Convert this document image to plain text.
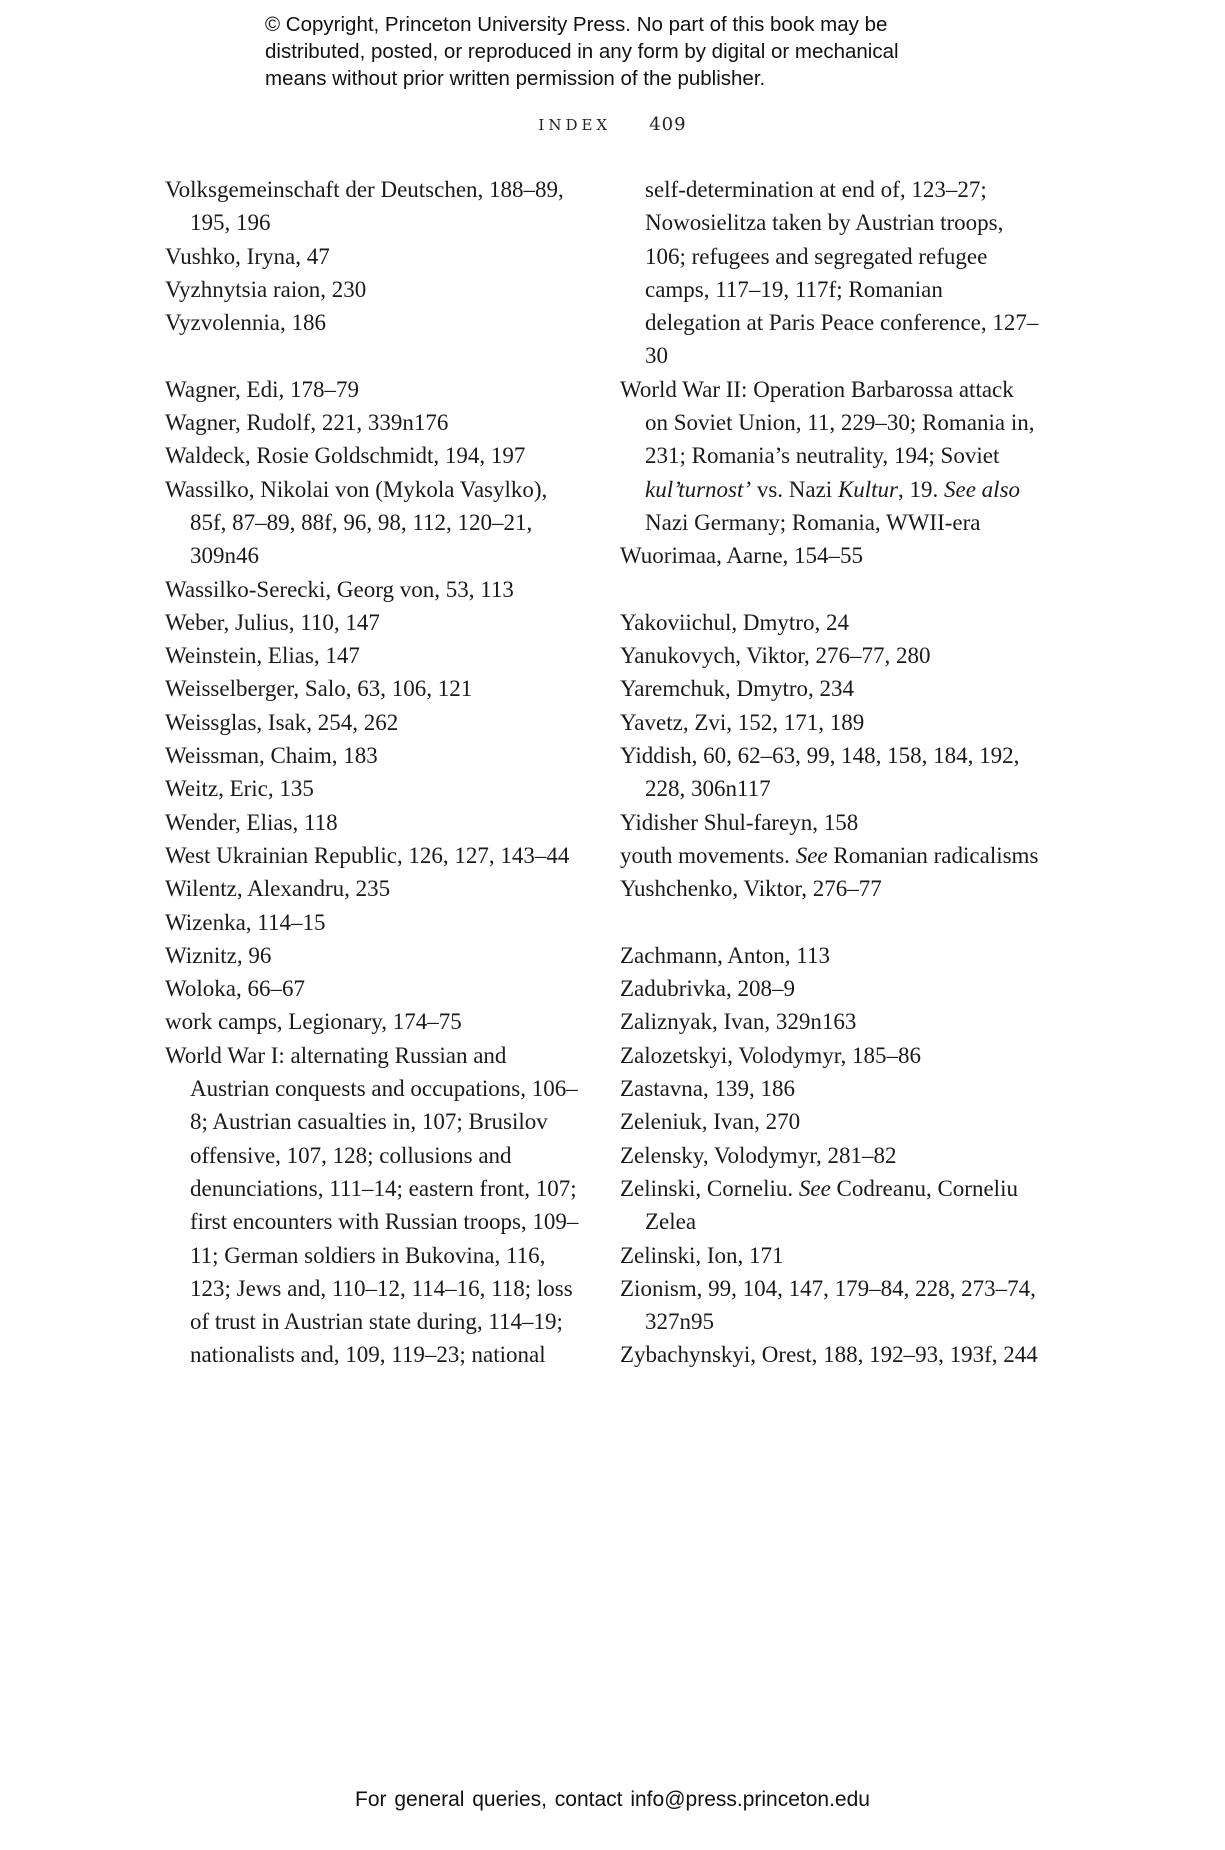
© Copyright, Princeton University Press. No part of this book may be
distributed, posted, or reproduced in any form by digital or mechanical
means without prior written permission of the publisher.
INDEX 409

Volksgemeinschaft der Deutschen, 188–89, 195, 196

Vushko, Iryna, 47

Vyzhnytsia raion, 230

Vyzvolennia, 186

Wagner, Edi, 178–79

Wagner, Rudolf, 221, 339n176

Waldeck, Rosie Goldschmidt, 194, 197

Wassilko, Nikolai von (Mykola Vasylko), 85f, 87–89, 88f, 96, 98, 112, 120–21, 309n46

Wassilko-Serecki, Georg von, 53, 113

Weber, Julius, 110, 147

Weinstein, Elias, 147

Weisselberger, Salo, 63, 106, 121

Weissglas, Isak, 254, 262

Weissman, Chaim, 183

Weitz, Eric, 135

Wender, Elias, 118

West Ukrainian Republic, 126, 127, 143–44

Wilentz, Alexandru, 235

Wizenka, 114–15

Wiznitz, 96

Woloka, 66–67

work camps, Legionary, 174–75

World War I: alternating Russian and Austrian conquests and occupations, 106–8; Austrian casualties in, 107; Brusilov offensive, 107, 128; collusions and denunciations, 111–14; eastern front, 107; first encounters with Russian troops, 109–11; German soldiers in Bukovina, 116, 123; Jews and, 110–12, 114–16, 118; loss of trust in Austrian state during, 114–19; nationalists and, 109, 119–23; national

self-determination at end of, 123–27; Nowosielitza taken by Austrian troops, 106; refugees and segregated refugee camps, 117–19, 117f; Romanian delegation at Paris Peace conference, 127–30

World War II: Operation Barbarossa attack on Soviet Union, 11, 229–30; Romania in, 231; Romania’s neutrality, 194; Soviet kul’turnost’ vs. Nazi Kultur, 19. See also Nazi Germany; Romania, WWII-era

Wuorimaa, Aarne, 154–55

Yakoviichul, Dmytro, 24

Yanukovych, Viktor, 276–77, 280

Yaremchuk, Dmytro, 234

Yavetz, Zvi, 152, 171, 189

Yiddish, 60, 62–63, 99, 148, 158, 184, 192, 228, 306n117

Yidisher Shul-fareyn, 158

youth movements. See Romanian radicalisms

Yushchenko, Viktor, 276–77

Zachmann, Anton, 113

Zadubrivka, 208–9

Zaliznyak, Ivan, 329n163

Zalozetskyi, Volodymyr, 185–86

Zastavna, 139, 186

Zeleniuk, Ivan, 270

Zelensky, Volodymyr, 281–82

Zelinski, Corneliu. See Codreanu, Corneliu Zelea

Zelinski, Ion, 171

Zionism, 99, 104, 147, 179–84, 228, 273–74, 327n95

Zybachynskyi, Orest, 188, 192–93, 193f, 244

For general queries, contact info@press.princeton.edu
